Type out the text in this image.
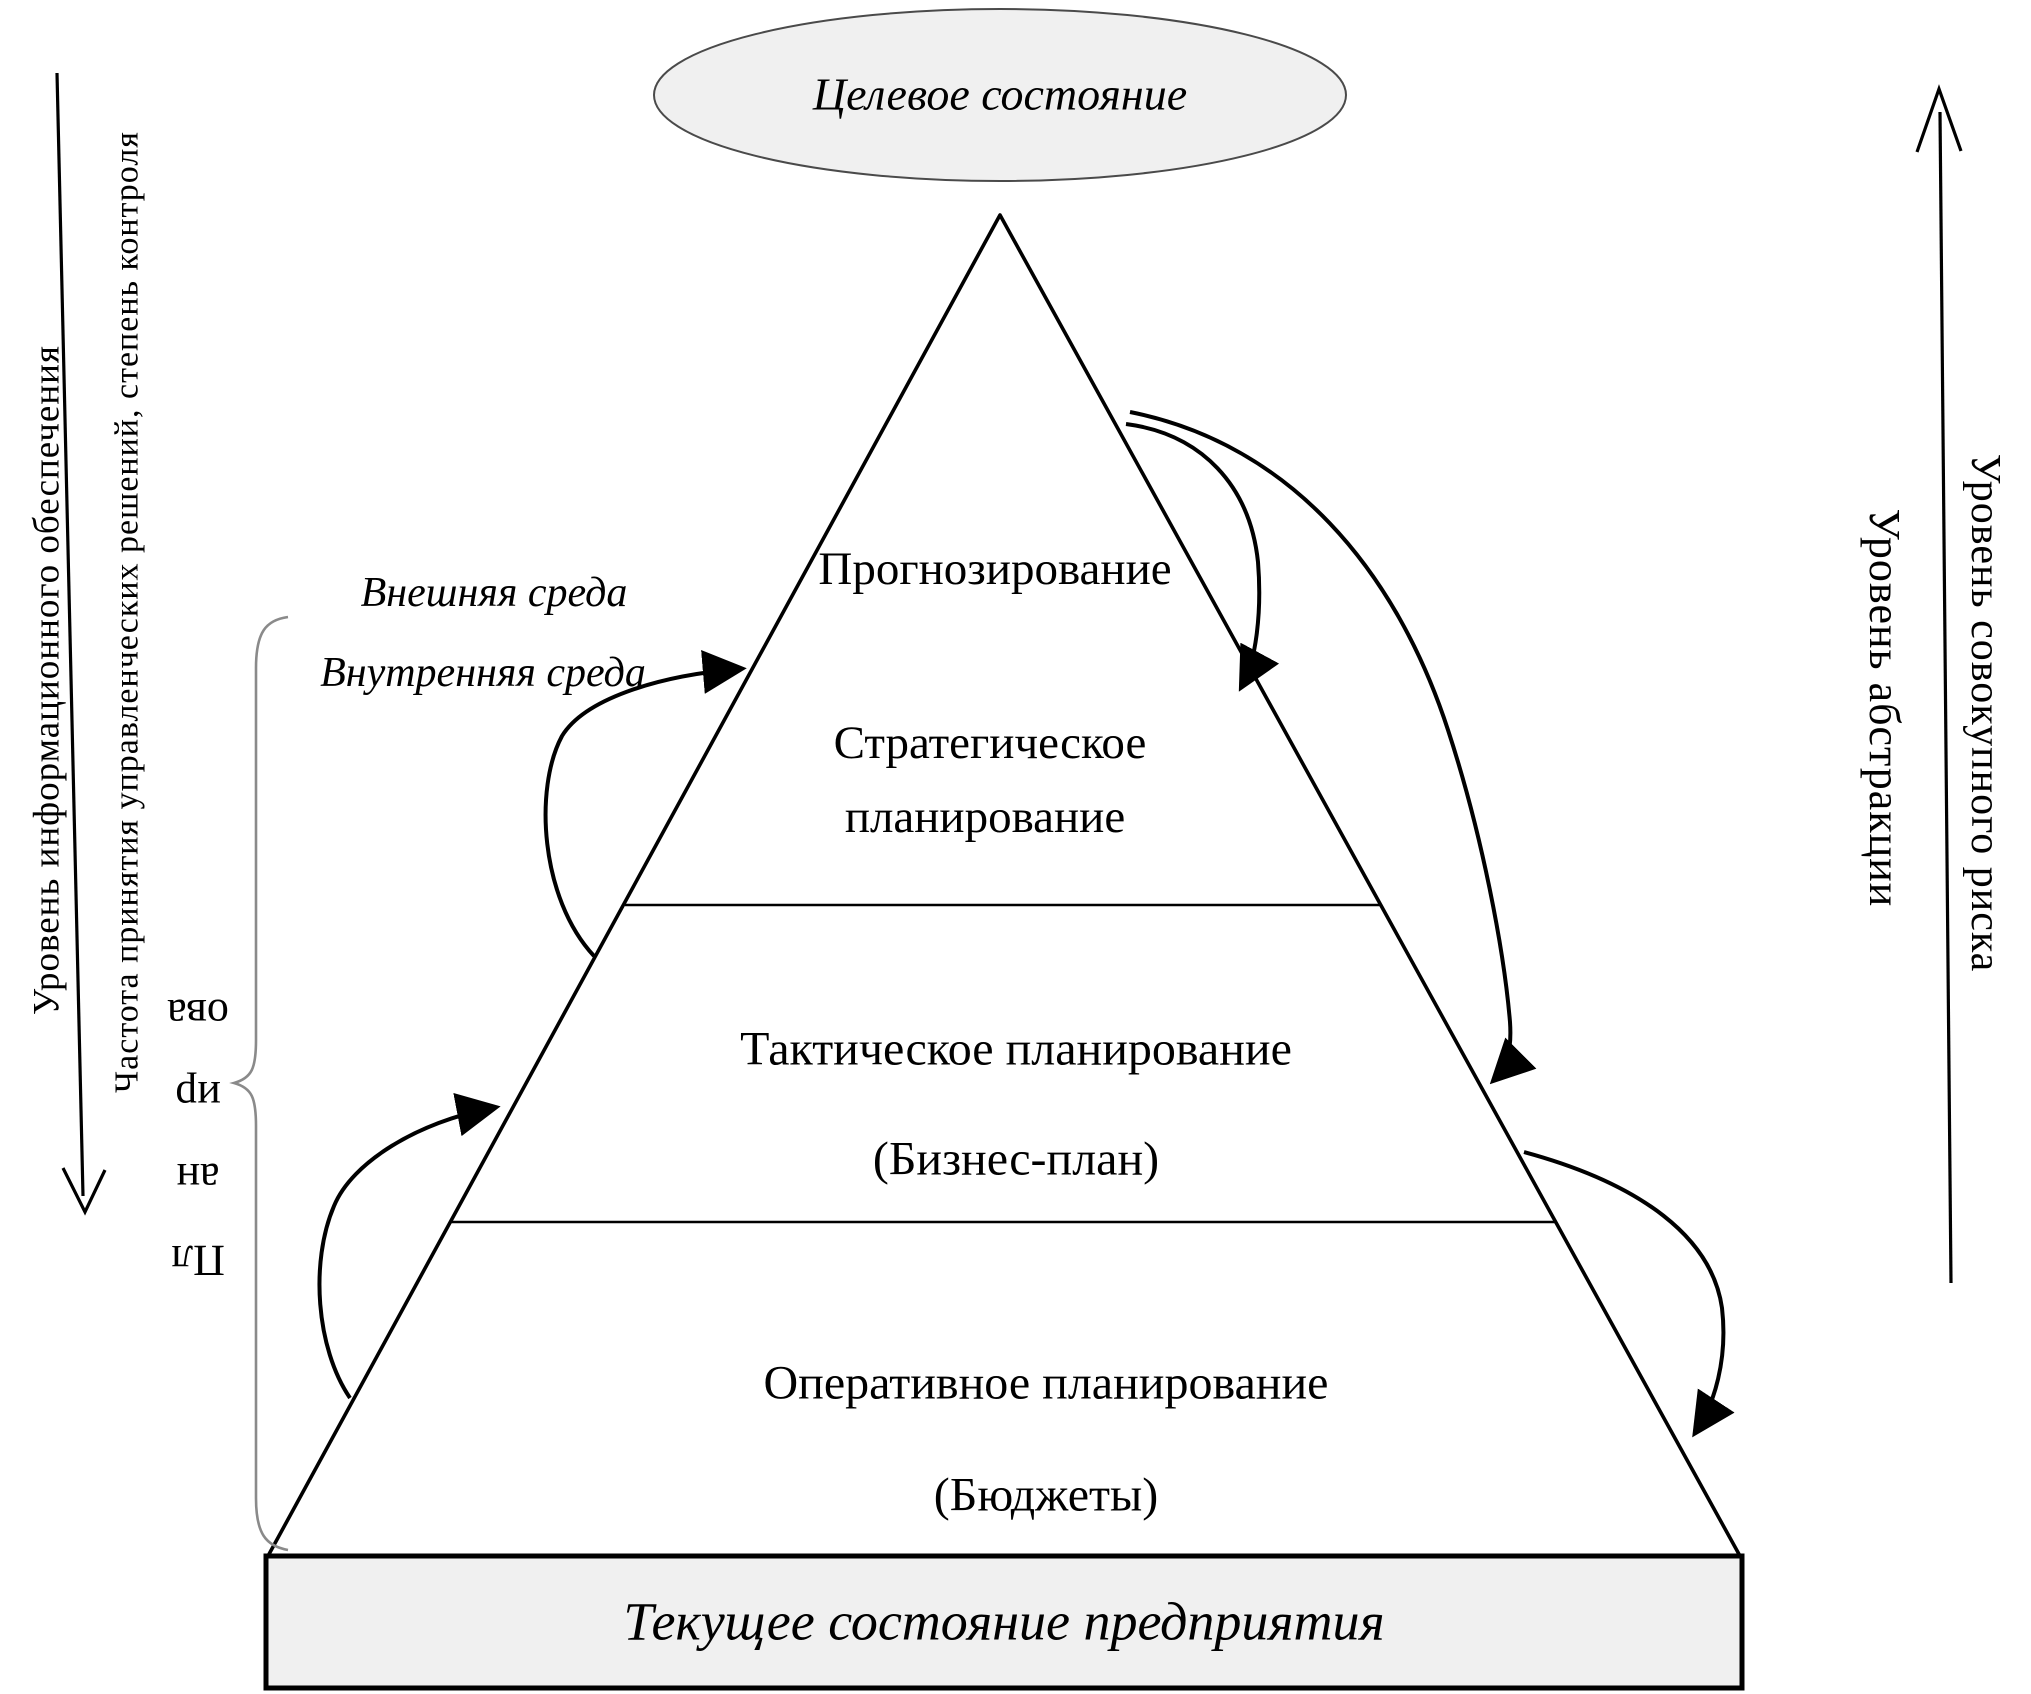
Целевое состояние
Прогнозирование
Стратегическое
планирование
Тактическое планирование
(Бизнес-план)
Оперативное планирование
(Бюджеты)
Текущее состояние предприятия
Внешняя среда
Внутренняя среда
Уровень информационного обеспечения Частота принятия управленческих решений, степень контроля	Уровень абстракции Уровень совокупного риска
Пл
ан
ир
ова
